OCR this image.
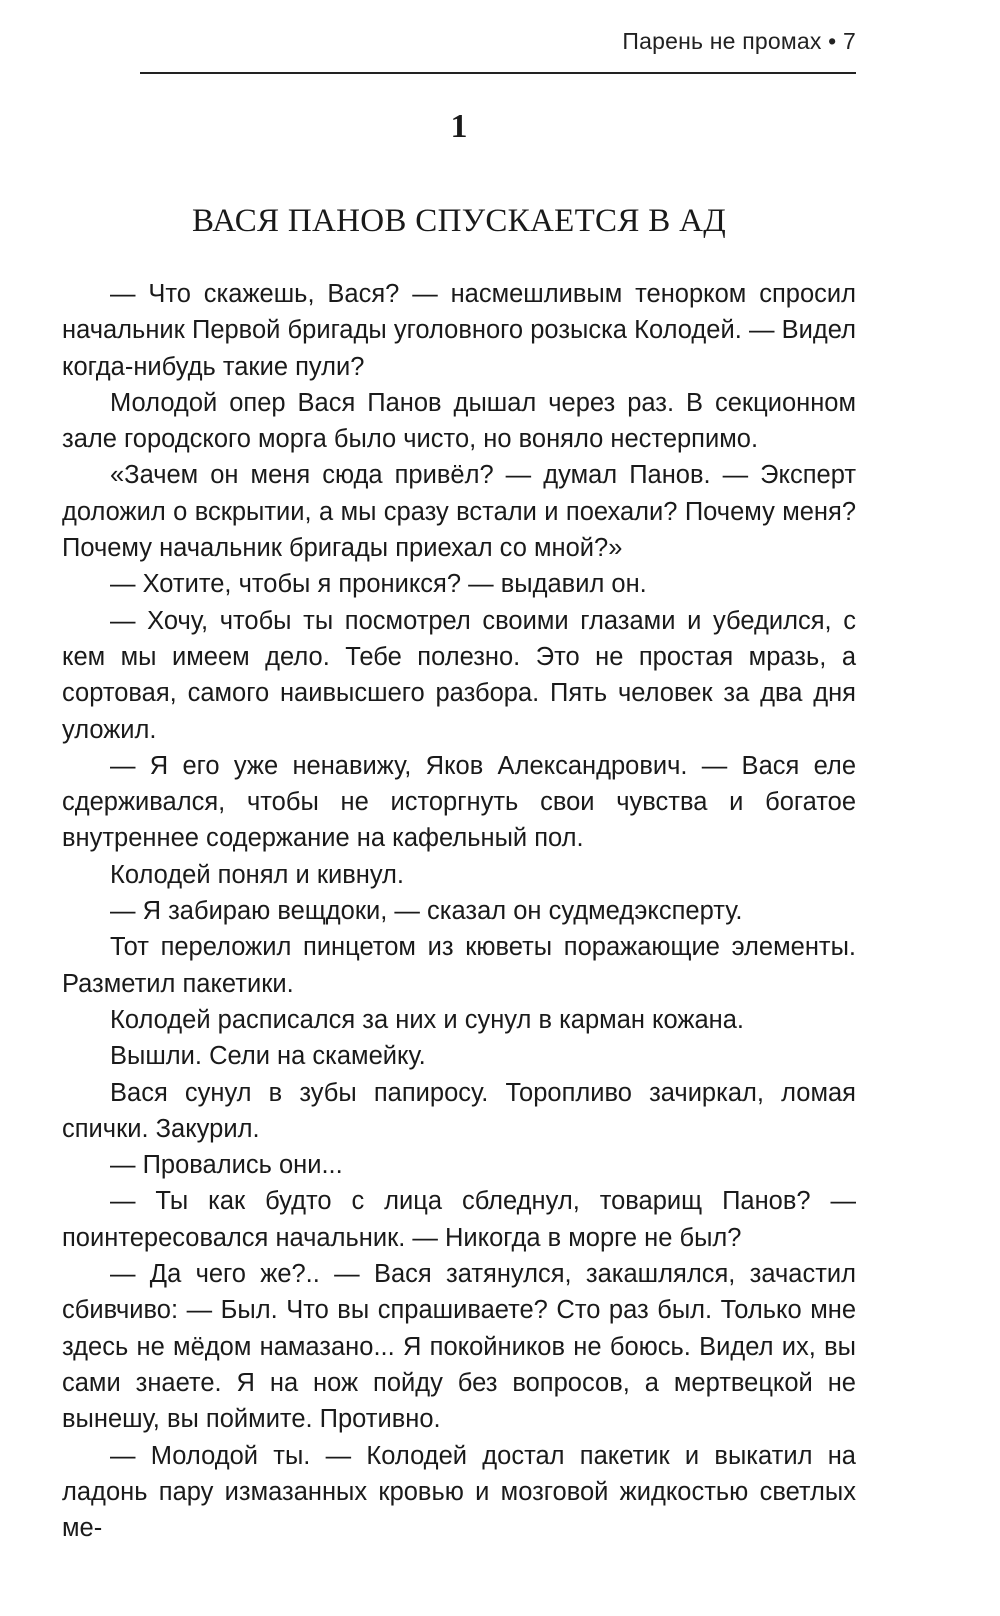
Парень не промах • 7
1
ВАСЯ ПАНОВ СПУСКАЕТСЯ В АД

— Что скажешь, Вася? — насмешливым тенорком спросил начальник Первой бригады уголовного розыска Колодей. — Видел когда-нибудь такие пули?

Молодой опер Вася Панов дышал через раз. В секционном зале городского морга было чисто, но воняло нестерпимо.

«Зачем он меня сюда привёл? — думал Панов. — Эксперт доложил о вскрытии, а мы сразу встали и поехали? Почему меня? Почему начальник бригады приехал со мной?»

— Хотите, чтобы я проникся? — выдавил он.

— Хочу, чтобы ты посмотрел своими глазами и убедился, с кем мы имеем дело. Тебе полезно. Это не простая мразь, а сортовая, самого наивысшего разбора. Пять человек за два дня уложил.

— Я его уже ненавижу, Яков Александрович. — Вася еле сдерживался, чтобы не исторгнуть свои чувства и богатое внутреннее содержание на кафельный пол.

Колодей понял и кивнул.

— Я забираю вещдоки, — сказал он судмедэксперту.

Тот переложил пинцетом из кюветы поражающие элементы. Разметил пакетики.

Колодей расписался за них и сунул в карман кожана.

Вышли. Сели на скамейку.

Вася сунул в зубы папиросу. Торопливо зачиркал, ломая спички. Закурил.

— Провались они...

— Ты как будто с лица сбледнул, товарищ Панов? — поинтересовался начальник. — Никогда в морге не был?

— Да чего же?.. — Вася затянулся, закашлялся, зачастил сбивчиво: — Был. Что вы спрашиваете? Сто раз был. Только мне здесь не мёдом намазано... Я покойников не боюсь. Видел их, вы сами знаете. Я на нож пойду без вопросов, а мертвецкой не вынешу, вы поймите. Противно.

— Молодой ты. — Колодей достал пакетик и выкатил на ладонь пару измазанных кровью и мозговой жидкостью светлых ме-
